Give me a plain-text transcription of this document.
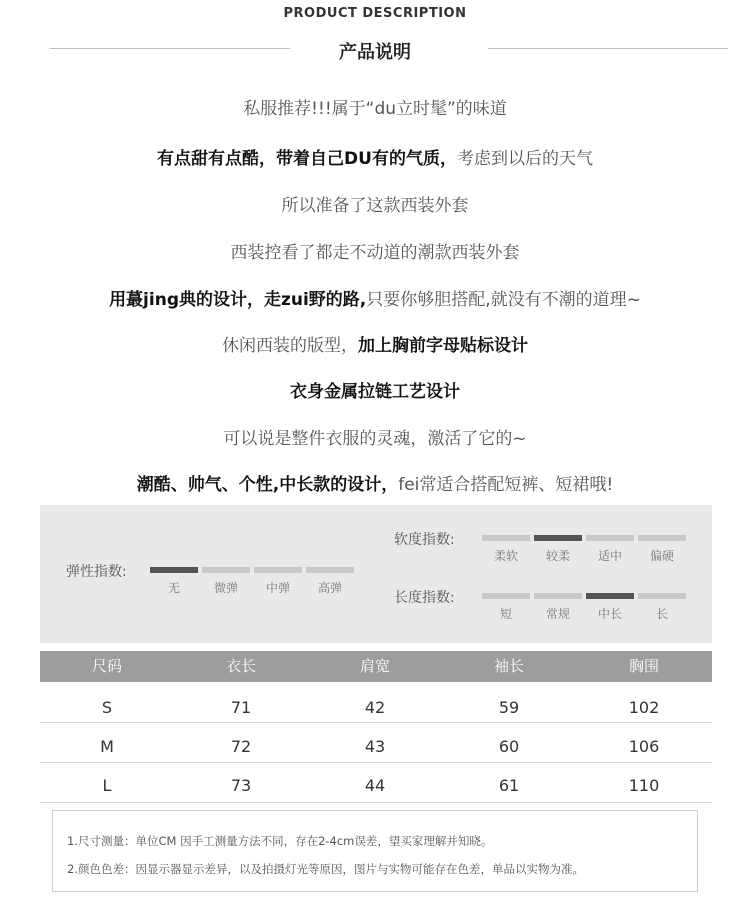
PRODUCT DESCRIPTION
产品说明
私服推荐!!!属于“du立时髦”的味道
有点甜有点酷，带着自己DU有的气质，考虑到以后的天气
所以准备了这款西装外套
西装控看了都走不动道的潮款西装外套
用蕞jing典的设计，走zui野的路,只要你够胆搭配,就没有不潮的道理~
休闲西装的版型，加上胸前字母贴标设计
衣身金属拉链工艺设计
可以说是整件衣服的灵魂，激活了它的~
潮酷、帅气、个性,中长款的设计，fei常适合搭配短裤、短裙哦!
弹性指数:
无	微弹	中弹	高弹
软度指数:
柔软	较柔	适中	偏硬
长度指数:
短	常规	中长	长
尺码	衣长	肩宽	袖长	胸围
S	71	42	59	102
M	72	43	60	106
L	73	44	61	110
1.尺寸测量：单位CM 因手工测量方法不同，存在2-4cm误差，望买家理解并知晓。
2.颜色色差：因显示器显示差异，以及拍摄灯光等原因，图片与实物可能存在色差，单品以实物为准。
